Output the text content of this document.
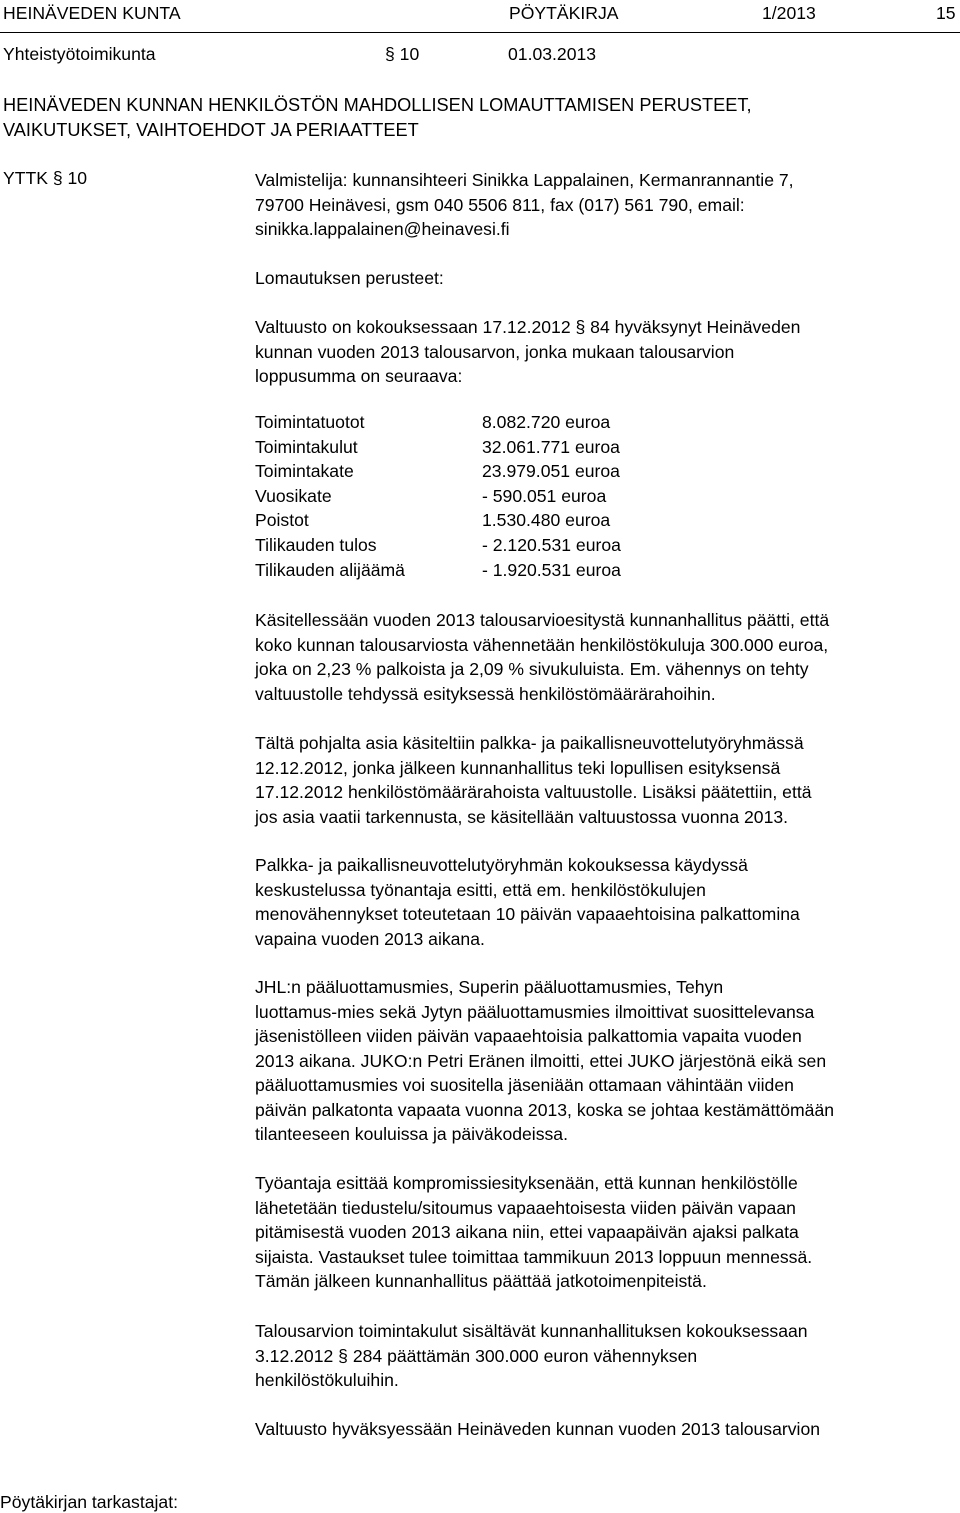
HEINÄVEDEN KUNTA	PÖYTÄKIRJA	1/2013	15
Yhteistyötoimikunta	§ 10	01.03.2013
HEINÄVEDEN KUNNAN HENKILÖSTÖN MAHDOLLISEN LOMAUTTAMISEN PERUSTEET,
VAIKUTUKSET, VAIHTOEHDOT JA PERIAATTEET
YTTK § 10	Valmistelija: kunnansihteeri Sinikka Lappalainen, Kermanrannantie 7,

79700 Heinävesi, gsm 040 5506 811, fax (017) 561 790, email:

sinikka.lappalainen@heinavesi.fi

Lomautuksen perusteet:

Valtuusto on kokouksessaan 17.12.2012 § 84 hyväksynyt Heinäveden

kunnan vuoden 2013 talousarvon, jonka mukaan talousarvion

loppusumma on seuraava:

Toimintatuotot	8.082.720 euroa
Toimintakulut	32.061.771 euroa
Toimintakate	23.979.051 euroa
Vuosikate	- 590.051 euroa
Poistot	1.530.480 euroa
Tilikauden tulos	- 2.120.531 euroa
Tilikauden alijäämä	- 1.920.531 euroa

Käsitellessään vuoden 2013 talousarvioesitystä kunnanhallitus päätti, että

koko kunnan talousarviosta vähennetään henkilöstökuluja 300.000 euroa,

joka on 2,23 % palkoista ja 2,09 % sivukuluista. Em. vähennys on tehty

valtuustolle tehdyssä esityksessä henkilöstömäärärahoihin.

Tältä pohjalta asia käsiteltiin palkka- ja paikallisneuvottelutyöryhmässä

12.12.2012, jonka jälkeen kunnanhallitus teki lopullisen esityksensä

17.12.2012 henkilöstömäärärahoista valtuustolle. Lisäksi päätettiin, että

jos asia vaatii tarkennusta, se käsitellään valtuustossa vuonna 2013.

Palkka- ja paikallisneuvottelutyöryhmän kokouksessa käydyssä

keskustelussa työnantaja esitti, että em. henkilöstökulujen

menovähennykset toteutetaan 10 päivän vapaaehtoisina palkattomina

vapaina vuoden 2013 aikana.

JHL:n pääluottamusmies, Superin pääluottamusmies, Tehyn

luottamus-mies sekä Jytyn pääluottamusmies ilmoittivat suosittelevansa

jäsenistölleen viiden päivän vapaaehtoisia palkattomia vapaita vuoden

2013 aikana. JUKO:n Petri Eränen ilmoitti, ettei JUKO järjestönä eikä sen

pääluottamusmies voi suositella jäseniään ottamaan vähintään viiden

päivän palkatonta vapaata vuonna 2013, koska se johtaa kestämättömään

tilanteeseen kouluissa ja päiväkodeissa.

Työantaja esittää kompromissiesityksenään, että kunnan henkilöstölle

lähetetään tiedustelu/sitoumus vapaaehtoisesta viiden päivän vapaan

pitämisestä vuoden 2013 aikana niin, ettei vapaapäivän ajaksi palkata

sijaista. Vastaukset tulee toimittaa tammikuun 2013 loppuun mennessä.

Tämän jälkeen kunnanhallitus päättää jatkotoimenpiteistä.

Talousarvion toimintakulut sisältävät kunnanhallituksen kokouksessaan

3.12.2012 § 284 päättämän 300.000 euron vähennyksen

henkilöstökuluihin.

Valtuusto hyväksyessään Heinäveden kunnan vuoden 2013 talousarvion

Pöytäkirjan tarkastajat:
